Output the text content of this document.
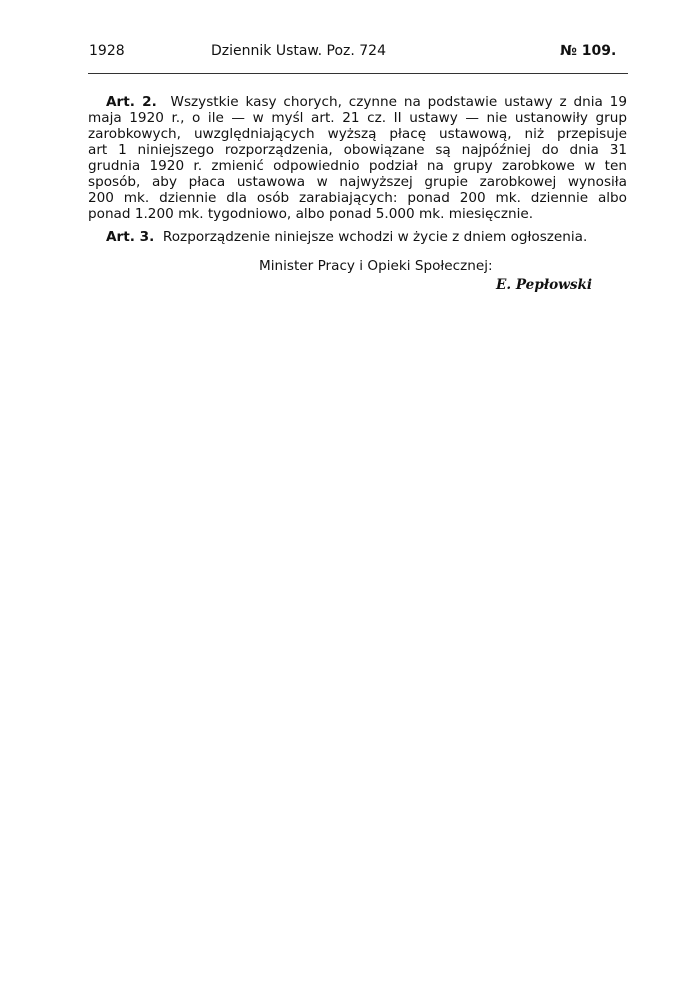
1928	Dziennik Ustaw. Poz. 724	№ 109.
Art. 2. Wszystkie kasy chorych, czynne na podstawie ustawy z dnia 19
maja 1920 r., o ile — w myśl art. 21 cz. II ustawy — nie ustanowiły grup
zarobkowych, uwzględniających wyższą płacę ustawową, niż przepisuje
art 1 niniejszego rozporządzenia, obowiązane są najpóźniej do dnia 31
grudnia 1920 r. zmienić odpowiednio podział na grupy zarobkowe w ten
sposób, aby płaca ustawowa w najwyższej grupie zarobkowej wynosiła
200 mk. dziennie dla osób zarabiających: ponad 200 mk. dziennie albo
ponad 1.200 mk. tygodniowo, albo ponad 5.000 mk. miesięcznie.
Art. 3. Rozporządzenie niniejsze wchodzi w życie z dniem ogłoszenia.
Minister Pracy i Opieki Społecznej:
E. Pepłowski
